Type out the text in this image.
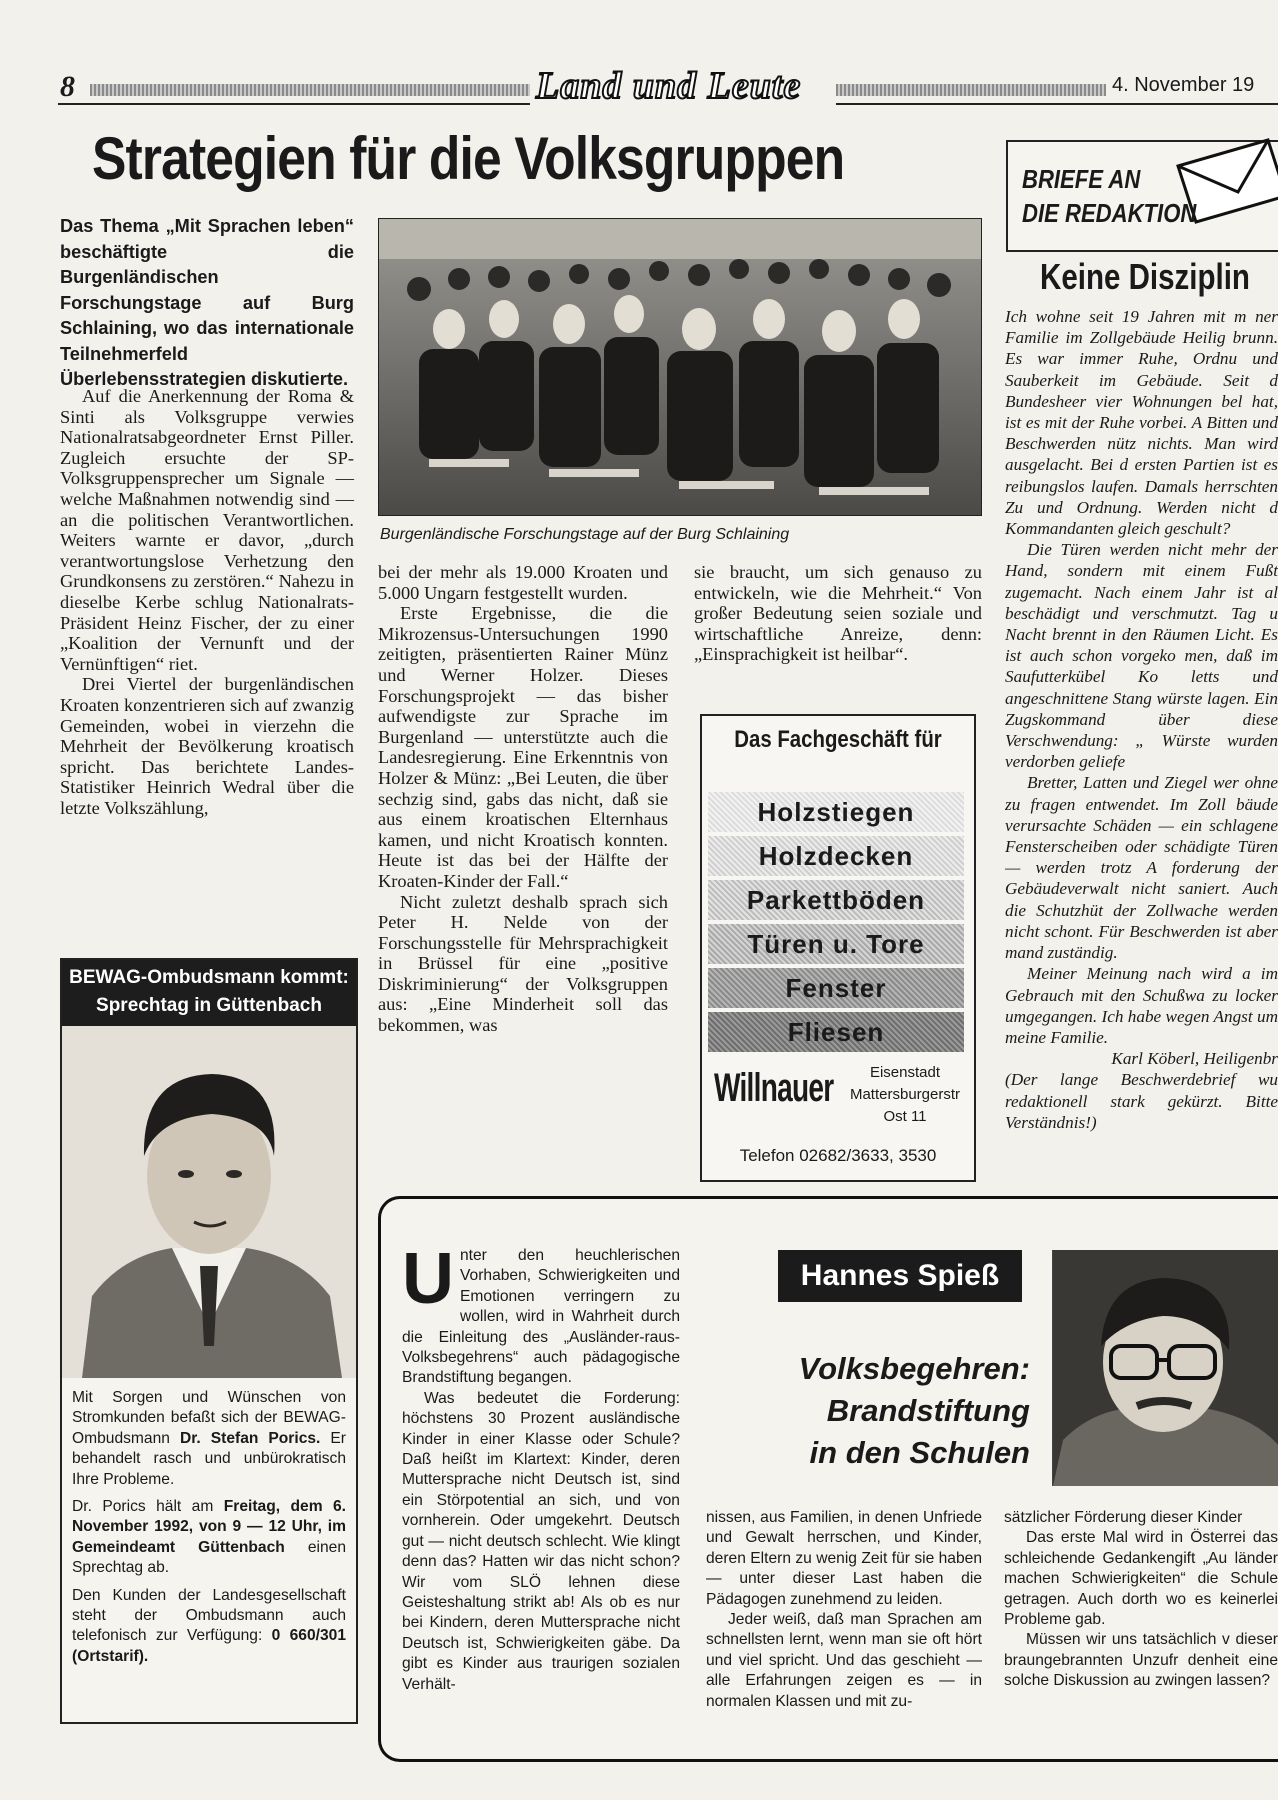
8	Land und Leute	4. November 19
Strategien für die Volksgruppen
Das Thema „Mit Sprachen leben“ beschäftigte die Burgenländischen Forschungstage auf Burg Schlaining, wo das internationale Teilnehmerfeld Überlebensstrategien diskutierte.

Auf die Anerkennung der Roma & Sinti als Volksgruppe verwies Nationalratsabgeordneter Ernst Piller. Zugleich ersuchte der SP-Volksgruppensprecher um Signale — welche Maßnahmen notwendig sind — an die politischen Verantwortlichen. Weiters warnte er davor, „durch verantwortungslose Verhetzung den Grundkonsens zu zerstören.“ Nahezu in dieselbe Kerbe schlug Nationalrats-Präsident Heinz Fischer, der zu einer „Koalition der Vernunft und der Vernünftigen“ riet.

Drei Viertel der burgenländischen Kroaten konzentrieren sich auf zwanzig Gemeinden, wobei in vierzehn die Mehrheit der Bevölkerung kroatisch spricht. Das berichtete Landes-Statistiker Heinrich Wedral über die letzte Volkszählung,

Burgenländische Forschungstage auf der Burg Schlaining

bei der mehr als 19.000 Kroaten und 5.000 Ungarn festgestellt wurden.

Erste Ergebnisse, die die Mikrozensus-Untersuchungen 1990 zeitigten, präsentierten Rainer Münz und Werner Holzer. Dieses Forschungsprojekt — das bisher aufwendigste zur Sprache im Burgenland — unterstützte auch die Landesregierung. Eine Erkenntnis von Holzer & Münz: „Bei Leuten, die über sechzig sind, gabs das nicht, daß sie aus einem kroatischen Elternhaus kamen, und nicht Kroatisch konnten. Heute ist das bei der Hälfte der Kroaten-Kinder der Fall.“

Nicht zuletzt deshalb sprach sich Peter H. Nelde von der Forschungsstelle für Mehrsprachigkeit in Brüssel für eine „positive Diskriminierung“ der Volksgruppen aus: „Eine Minderheit soll das bekommen, was

sie braucht, um sich genauso zu entwickeln, wie die Mehrheit.“ Von großer Bedeutung seien soziale und wirtschaftliche Anreize, denn: „Einsprachigkeit ist heilbar“.
Das Fachgeschäft für
Holzstiegen
Holzdecken
Parkettböden
Türen u. Tore
Fenster
Fliesen
Willnauer	Eisenstadt
Mattersburgerstr
Ost 11
Telefon 02682/3633, 3530
BRIEFE AN
DIE REDAKTION
Keine Disziplin

Ich wohne seit 19 Jahren mit m ner Familie im Zollgebäude Heilig brunn. Es war immer Ruhe, Ordnu und Sauberkeit im Gebäude. Seit d Bundesheer vier Wohnungen bel hat, ist es mit der Ruhe vorbei. A Bitten und Beschwerden nütz nichts. Man wird ausgelacht. Bei d ersten Partien ist es reibungslos laufen. Damals herrschten Zu und Ordnung. Werden nicht d Kommandanten gleich geschult?

Die Türen werden nicht mehr der Hand, sondern mit einem Fußt zugemacht. Nach einem Jahr ist al beschädigt und verschmutzt. Tag u Nacht brennt in den Räumen Licht. Es ist auch schon vorgeko men, daß im Saufutterkübel Ko letts und angeschnittene Stang würste lagen. Ein Zugskommand über diese Verschwendung: „ Würste wurden verdorben geliefe

Bretter, Latten und Ziegel wer ohne zu fragen entwendet. Im Zoll bäude verursachte Schäden — ein schlagene Fensterscheiben oder schädigte Türen — werden trotz A forderung der Gebäudeverwalt nicht saniert. Auch die Schutzhüt der Zollwache werden nicht schont. Für Beschwerden ist aber mand zuständig.

Meiner Meinung nach wird a im Gebrauch mit den Schußwa zu locker umgegangen. Ich habe wegen Angst um meine Familie.

Karl Köberl, Heiligenbr

(Der lange Beschwerdebrief wu redaktionell stark gekürzt. Bitte Verständnis!)

BEWAG-Ombudsmann kommt:
Sprechtag in Güttenbach

Mit Sorgen und Wünschen von Stromkunden befaßt sich der BEWAG-Ombudsmann Dr. Stefan Porics. Er behandelt rasch und unbürokratisch Ihre Probleme.

Dr. Porics hält am Freitag, dem 6. November 1992, von 9 — 12 Uhr, im Gemeindeamt Güttenbach einen Sprechtag ab.

Den Kunden der Landesgesellschaft steht der Ombudsmann auch telefonisch zur Verfügung: 0 660/301 (Ortstarif).

U nter den heuchlerischen Vorhaben, Schwierigkeiten und Emotionen verringern zu wollen, wird in Wahrheit durch die Einleitung des „Ausländer-raus-Volksbegehrens“ auch pädagogische Brandstiftung begangen.

Was bedeutet die Forderung: höchstens 30 Prozent ausländische Kinder in einer Klasse oder Schule? Daß heißt im Klartext: Kinder, deren Muttersprache nicht Deutsch ist, sind ein Störpotential an sich, und von vornherein. Oder umgekehrt. Deutsch gut — nicht deutsch schlecht. Wie klingt denn das? Hatten wir das nicht schon? Wir vom SLÖ lehnen diese Geisteshaltung strikt ab! Als ob es nur bei Kindern, deren Muttersprache nicht Deutsch ist, Schwierigkeiten gäbe. Da gibt es Kinder aus traurigen sozialen Verhält-

Hannes Spieß
Volksbegehren:
Brandstiftung
in den Schulen

nissen, aus Familien, in denen Unfriede und Gewalt herrschen, und Kinder, deren Eltern zu wenig Zeit für sie haben — unter dieser Last haben die Pädagogen zunehmend zu leiden.

Jeder weiß, daß man Sprachen am schnellsten lernt, wenn man sie oft hört und viel spricht. Und das geschieht — alle Erfahrungen zeigen es — in normalen Klassen und mit zu-

sätzlicher Förderung dieser Kinder

Das erste Mal wird in Österrei das schleichende Gedankengift „Au länder machen Schwierigkeiten“ die Schule getragen. Auch dorth wo es keinerlei Probleme gab.

Müssen wir uns tatsächlich v dieser braungebrannten Unzufr denheit eine solche Diskussion au zwingen lassen?
